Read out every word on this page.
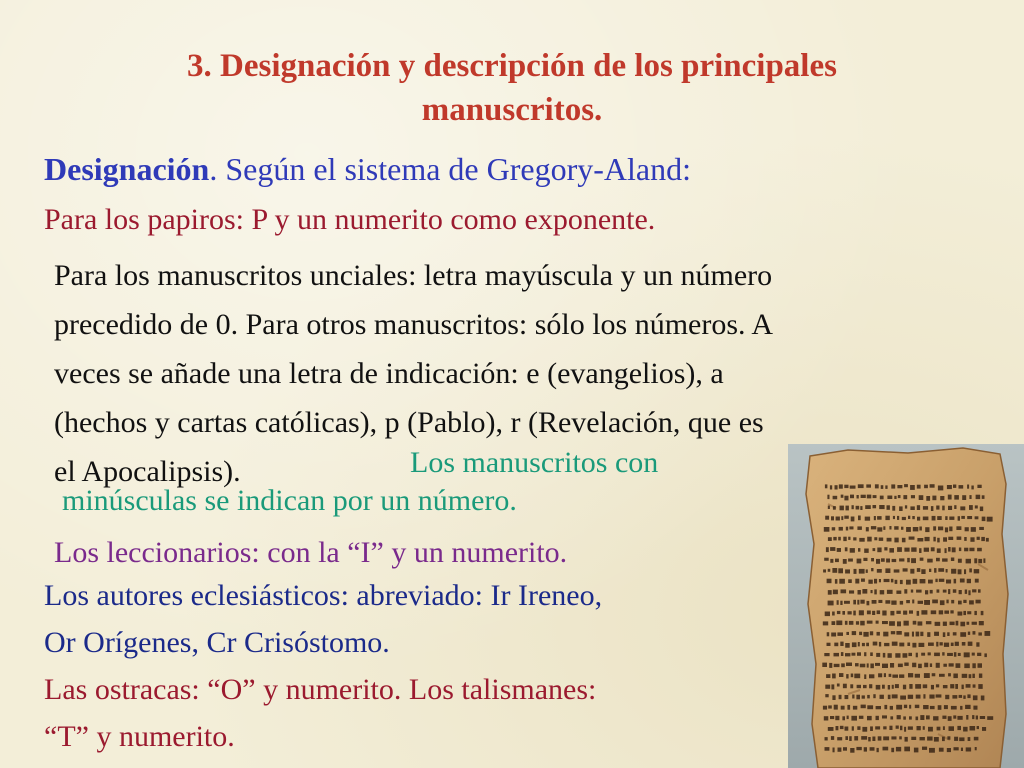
3. Designación y descripción de los principales
manuscritos.

Designación. Según el sistema de Gregory-Aland:

Para los papiros: P y un numerito como exponente.

Para los manuscritos unciales: letra mayúscula y un número
precedido de 0. Para otros manuscritos: sólo los números. A
veces se añade una letra de indicación: e (evangelios), a
(hechos y cartas católicas), p (Pablo), r (Revelación, que es
el Apocalipsis).	Los manuscritos con

minúsculas se indican por un número.

Los leccionarios: con la “I” y un numerito.

Los autores eclesiásticos: abreviado: Ir Ireneo,

Or Orígenes, Cr Crisóstomo.

Las ostracas: “O” y numerito. Los talismanes:

“T” y numerito.
